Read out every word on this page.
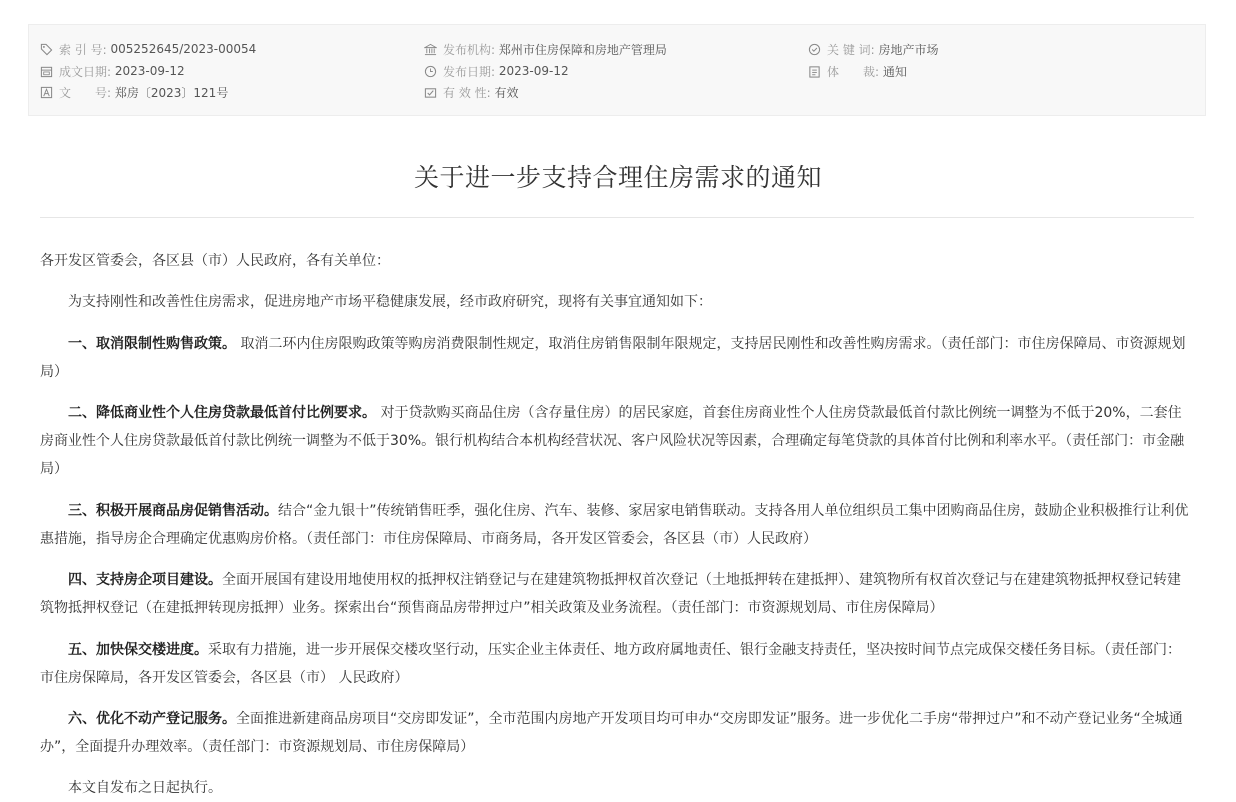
索 引 号:
005252645/2023-00054
成文日期:
2023-09-12
文　　号:
郑房〔2023〕121号
发布机构:
郑州市住房保障和房地产管理局
发布日期:
2023-09-12
有 效 性:
有效
关 键 词:
房地产市场
体　　裁:
通知
关于进一步支持合理住房需求的通知

各开发区管委会，各区县（市）人民政府，各有关单位：

为支持刚性和改善性住房需求，促进房地产市场平稳健康发展，经市政府研究，现将有关事宜通知如下：

一、取消限制性购售政策。 取消二环内住房限购政策等购房消费限制性规定，取消住房销售限制年限规定，支持居民刚性和改善性购房需求。（责任部门：市住房保障局、市资源规划局）

二、降低商业性个人住房贷款最低首付比例要求。 对于贷款购买商品住房（含存量住房）的居民家庭，首套住房商业性个人住房贷款最低首付款比例统一调整为不低于20%，二套住房商业性个人住房贷款最低首付款比例统一调整为不低于30%。银行机构结合本机构经营状况、客户风险状况等因素，合理确定每笔贷款的具体首付比例和利率水平。（责任部门：市金融局）

三、积极开展商品房促销售活动。结合“金九银十”传统销售旺季，强化住房、汽车、装修、家居家电销售联动。支持各用人单位组织员工集中团购商品住房，鼓励企业积极推行让利优惠措施，指导房企合理确定优惠购房价格。（责任部门：市住房保障局、市商务局，各开发区管委会，各区县（市）人民政府）

四、支持房企项目建设。全面开展国有建设用地使用权的抵押权注销登记与在建建筑物抵押权首次登记（土地抵押转在建抵押）、建筑物所有权首次登记与在建建筑物抵押权登记转建筑物抵押权登记（在建抵押转现房抵押）业务。探索出台“预售商品房带押过户”相关政策及业务流程。（责任部门：市资源规划局、市住房保障局）

五、加快保交楼进度。采取有力措施，进一步开展保交楼攻坚行动，压实企业主体责任、地方政府属地责任、银行金融支持责任，坚决按时间节点完成保交楼任务目标。（责任部门：市住房保障局，各开发区管委会，各区县（市） 人民政府）

六、优化不动产登记服务。全面推进新建商品房项目“交房即发证”，全市范围内房地产开发项目均可申办“交房即发证”服务。进一步优化二手房“带押过户”和不动产登记业务“全城通办”，全面提升办理效率。（责任部门：市资源规划局、市住房保障局）

本文自发布之日起执行。
